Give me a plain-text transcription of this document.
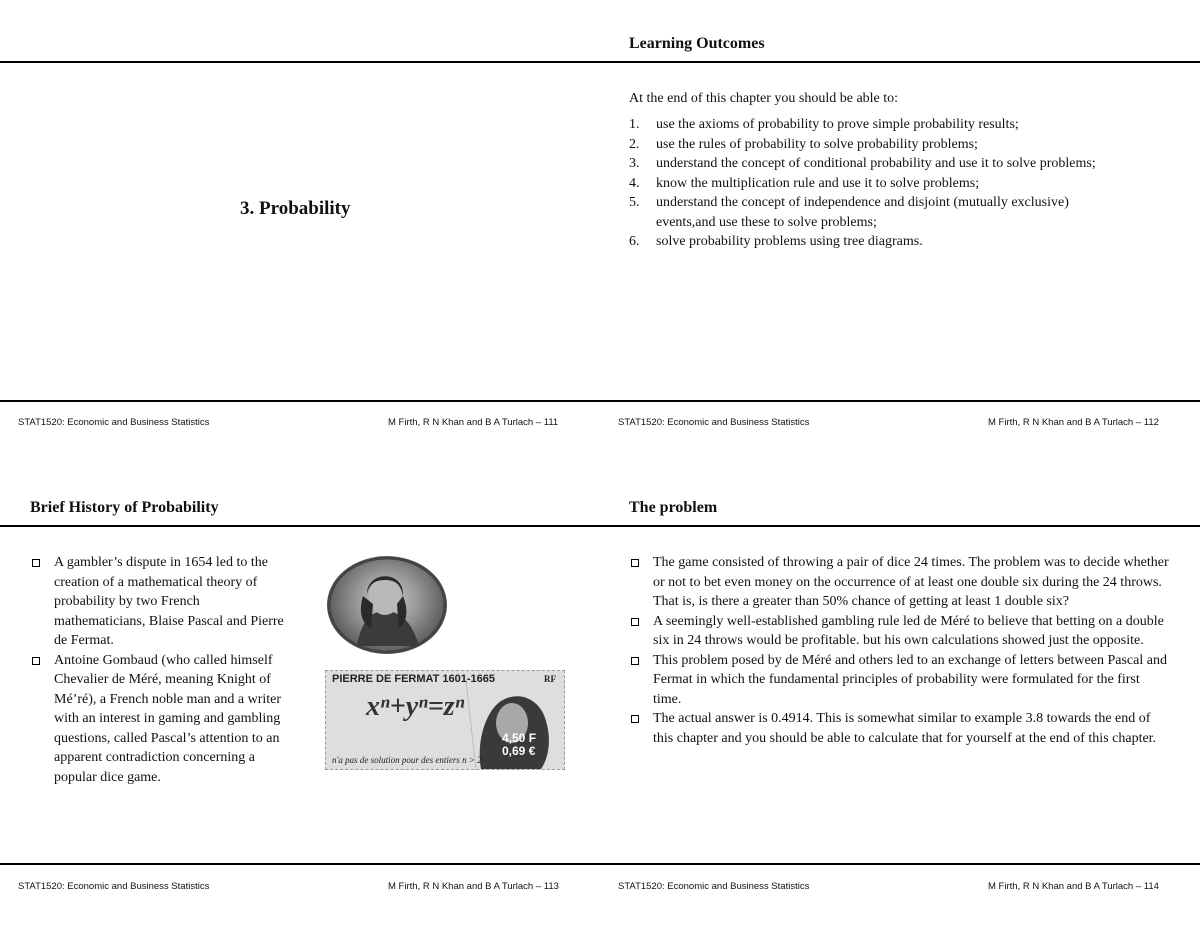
3. Probability
STAT1520: Economic and Business Statistics	M Firth, R N Khan and B A Turlach – 111
Learning Outcomes
At the end of this chapter you should be able to:
1. use the axioms of probability to prove simple probability results;
2. use the rules of probability to solve probability problems;
3. understand the concept of conditional probability and use it to solve problems;
4. know the multiplication rule and use it to solve problems;
5. understand the concept of independence and disjoint (mutually exclusive) events,and use these to solve problems;
6. solve probability problems using tree diagrams.
STAT1520: Economic and Business Statistics	M Firth, R N Khan and B A Turlach – 112
Brief History of Probability
A gambler’s dispute in 1654 led to the creation of a mathematical theory of probability by two French mathematicians, Blaise Pascal and Pierre de Fermat.
Antoine Gombaud (who called himself Chevalier de Méré, meaning Knight of Mé’ré), a French noble man and a writer with an interest in gaming and gambling questions, called Pascal’s attention to an apparent contradiction concerning a popular dice game.
PIERRE DE FERMAT 1601-1665	RF
xⁿ+yⁿ=zⁿ
4,50 F
0,69 €
n'a pas de solution pour des entiers n > 2
STAT1520: Economic and Business Statistics	M Firth, R N Khan and B A Turlach – 113
The problem
The game consisted of throwing a pair of dice 24 times. The problem was to decide whether or not to bet even money on the occurrence of at least one double six during the 24 throws. That is, is there a greater than 50% chance of getting at least 1 double six?
A seemingly well-established gambling rule led de Méré to believe that betting on a double six in 24 throws would be profitable. but his own calculations showed just the opposite.
This problem posed by de Méré and others led to an exchange of letters between Pascal and Fermat in which the fundamental principles of probability were formulated for the first time.
The actual answer is 0.4914. This is somewhat similar to example 3.8 towards the end of this chapter and you should be able to calculate that for yourself at the end of this chapter.
STAT1520: Economic and Business Statistics	M Firth, R N Khan and B A Turlach – 114
